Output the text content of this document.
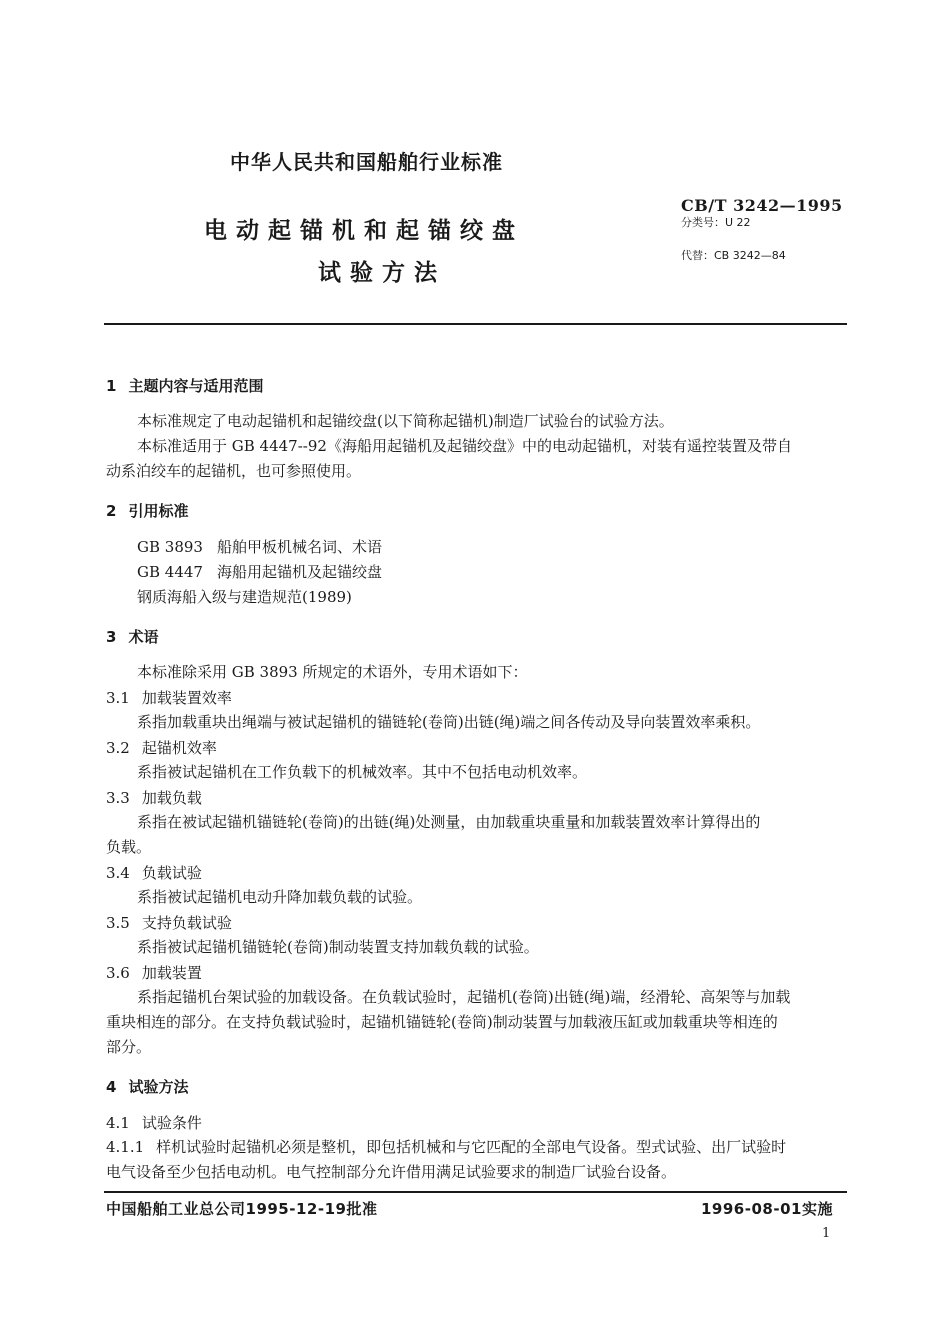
中华人民共和国船舶行业标准
电动起锚机和起锚绞盘
试验方法
CB/T 3242—1995
分类号：U 22
代替：CB 3242—84
1 主题内容与适用范围
本标准规定了电动起锚机和起锚绞盘(以下简称起锚机)制造厂试验台的试验方法。
本标准适用于 GB 4447--92《海船用起锚机及起锚绞盘》中的电动起锚机，对装有遥控装置及带自
动系泊绞车的起锚机，也可参照使用。
2 引用标准
GB 3893 船舶甲板机械名词、术语
GB 4447 海船用起锚机及起锚绞盘
钢质海船入级与建造规范(1989)
3 术语
本标准除采用 GB 3893 所规定的术语外，专用术语如下：
3.1 加载装置效率
系指加载重块出绳端与被试起锚机的锚链轮(卷筒)出链(绳)端之间各传动及导向装置效率乘积。
3.2 起锚机效率
系指被试起锚机在工作负载下的机械效率。其中不包括电动机效率。
3.3 加载负载
系指在被试起锚机锚链轮(卷筒)的出链(绳)处测量，由加载重块重量和加载装置效率计算得出的
负载。
3.4 负载试验
系指被试起锚机电动升降加载负载的试验。
3.5 支持负载试验
系指被试起锚机锚链轮(卷筒)制动装置支持加载负载的试验。
3.6 加载装置
系指起锚机台架试验的加载设备。在负载试验时，起锚机(卷筒)出链(绳)端，经滑轮、高架等与加载
重块相连的部分。在支持负载试验时，起锚机锚链轮(卷筒)制动装置与加载液压缸或加载重块等相连的
部分。
4 试验方法
4.1 试验条件
4.1.1 样机试验时起锚机必须是整机，即包括机械和与它匹配的全部电气设备。型式试验、出厂试验时
电气设备至少包括电动机。电气控制部分允许借用满足试验要求的制造厂试验台设备。
中国船舶工业总公司1995-12-19批准	1996-08-01实施
1
